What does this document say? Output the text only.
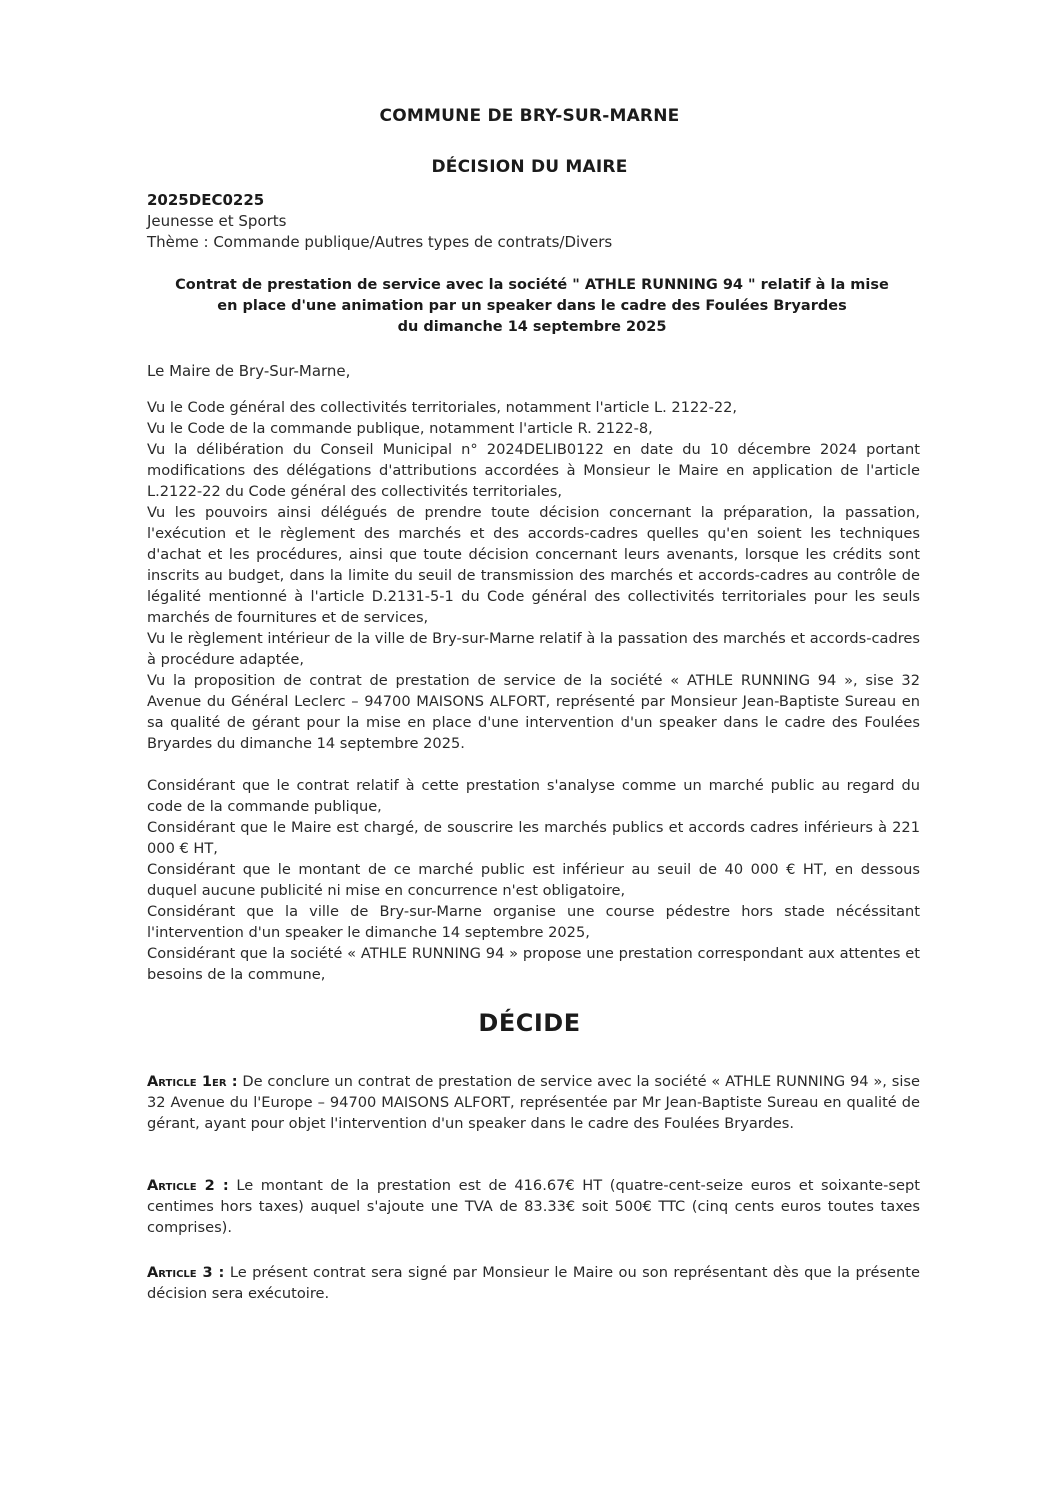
COMMUNE DE BRY-SUR-MARNE
DÉCISION DU MAIRE
2025DEC0225
Jeunesse et Sports
Thème : Commande publique/Autres types de contrats/Divers
Contrat de prestation de service avec la société " ATHLE RUNNING 94 " relatif à la mise
en place d'une animation par un speaker dans le cadre des Foulées Bryardes
du dimanche 14 septembre 2025
Le Maire de Bry-Sur-Marne,

Vu le Code général des collectivités territoriales, notamment l'article L. 2122-22,

Vu le Code de la commande publique, notamment l'article R. 2122-8,

Vu la délibération du Conseil Municipal n° 2024DELIB0122 en date du 10 décembre 2024 portant modifications des délégations d'attributions accordées à Monsieur le Maire en application de l'article L.2122-22 du Code général des collectivités territoriales,

Vu les pouvoirs ainsi délégués de prendre toute décision concernant la préparation, la passation, l'exécution et le règlement des marchés et des accords-cadres quelles qu'en soient les techniques d'achat et les procédures, ainsi que toute décision concernant leurs avenants, lorsque les crédits sont inscrits au budget, dans la limite du seuil de transmission des marchés et accords-cadres au contrôle de légalité mentionné à l'article D.2131-5-1 du Code général des collectivités territoriales pour les seuls marchés de fournitures et de services,

Vu le règlement intérieur de la ville de Bry-sur-Marne relatif à la passation des marchés et accords-cadres à procédure adaptée,

Vu la proposition de contrat de prestation de service de la société « ATHLE RUNNING 94 », sise 32 Avenue du Général Leclerc – 94700 MAISONS ALFORT, représenté par Monsieur Jean-Baptiste Sureau en sa qualité de gérant pour la mise en place d'une intervention d'un speaker dans le cadre des Foulées Bryardes du dimanche 14 septembre 2025.

Considérant que le contrat relatif à cette prestation s'analyse comme un marché public au regard du code de la commande publique,

Considérant que le Maire est chargé, de souscrire les marchés publics et accords cadres inférieurs à 221 000 € HT,

Considérant que le montant de ce marché public est inférieur au seuil de 40 000 € HT, en dessous duquel aucune publicité ni mise en concurrence n'est obligatoire,

Considérant que la ville de Bry-sur-Marne organise une course pédestre hors stade nécéssitant l'intervention d'un speaker le dimanche 14 septembre 2025,

Considérant que la société « ATHLE RUNNING 94 » propose une prestation correspondant aux attentes et besoins de la commune,

DÉCIDE

Article 1er : De conclure un contrat de prestation de service avec la société « ATHLE RUNNING 94 », sise 32 Avenue du l'Europe – 94700 MAISONS ALFORT, représentée par Mr Jean-Baptiste Sureau en qualité de gérant, ayant pour objet l'intervention d'un speaker dans le cadre des Foulées Bryardes.

Article 2 : Le montant de la prestation est de 416.67€ HT (quatre-cent-seize euros et soixante-sept centimes hors taxes) auquel s'ajoute une TVA de 83.33€ soit 500€ TTC (cinq cents euros toutes taxes comprises).

Article 3 : Le présent contrat sera signé par Monsieur le Maire ou son représentant dès que la présente décision sera exécutoire.
